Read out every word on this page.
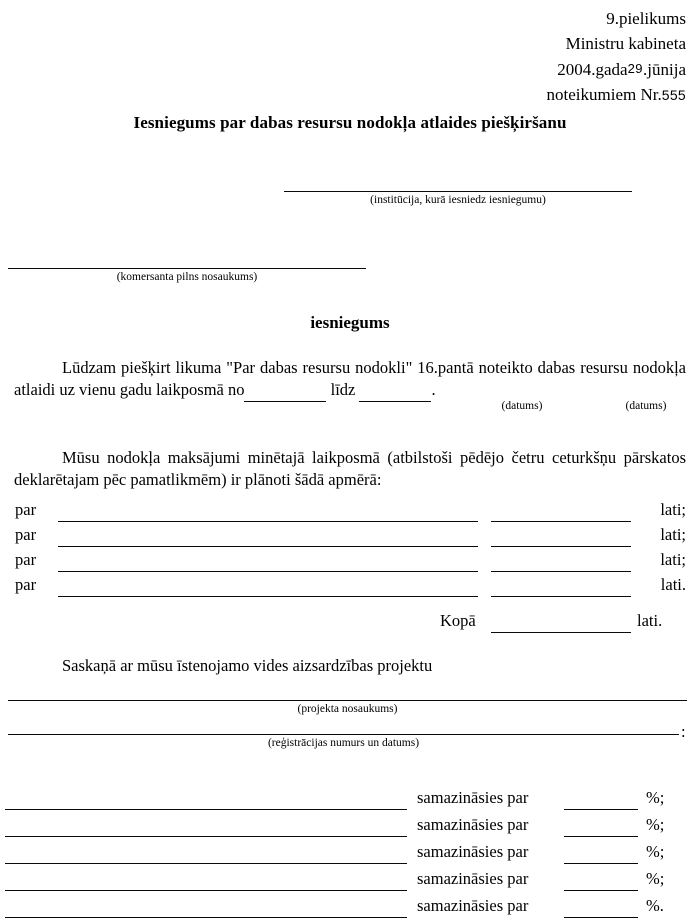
9.pielikums
Ministru kabineta
2004.gada29.jūnija
noteikumiem Nr.555
Iesniegums par dabas resursu nodokļa atlaides piešķiršanu
(institūcija, kurā iesniedz iesniegumu)
(komersanta pilns nosaukums)
iesniegums
Lūdzam piešķirt likuma "Par dabas resursu nodokli" 16.pantā noteikto dabas resursu nodokļa atlaidi uz vienu gadu laikposmā no	līdz	.
(datums)	(datums)
Mūsu nodokļa maksājumi minētajā laikposmā (atbilstoši pēdējo četru ceturkšņu pārskatos deklarētajam pēc pamatlikmēm) ir plānoti šādā apmērā:
par	lati;
par	lati;
par	lati;
par	lati.
Kopā	lati.
Saskaņā ar mūsu īstenojamo vides aizsardzības projektu
(projekta nosaukums)
(reģistrācijas numurs un datums)
:
samazināsies par	%;
samazināsies par	%;
samazināsies par	%;
samazināsies par	%;
samazināsies par	%.
